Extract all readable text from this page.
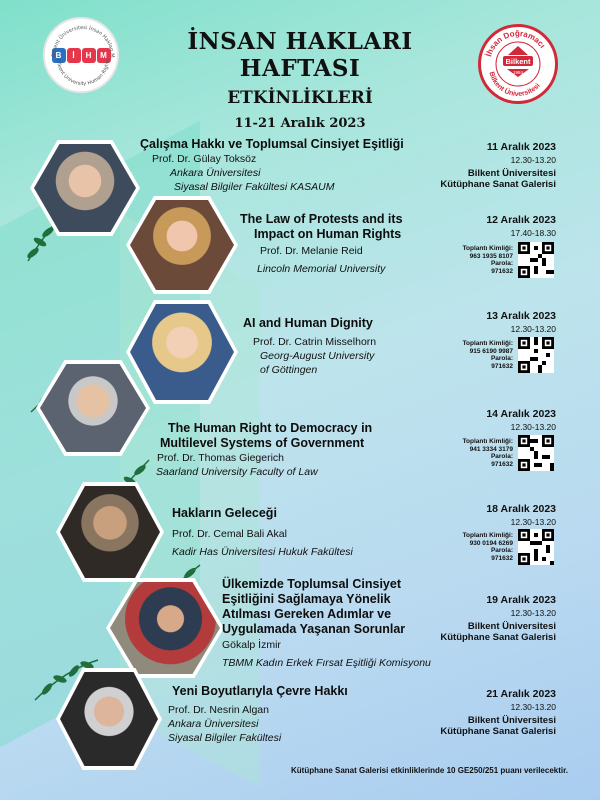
Bilkent Üniversitesi İnsan Hakları M
Bilkent University Human Rights
B	İ	H	M	İNSAN HAKLARI HAFTASI
ETKİNLİKLERİ
11-21 Aralık 2023
İhsan Doğramacı
Bilkent Üniversitesi
Bilkent
1984
Çalışma Hakkı ve Toplumsal Cinsiyet Eşitliği
Prof. Dr. Gülay Toksöz
Ankara Üniversitesi
Siyasal Bilgiler Fakültesi KASAUM
11 Aralık 2023
12.30-13.20
Bilkent Üniversitesi
Kütüphane Sanat Galerisi
The Law of Protests and its
Impact on Human Rights
Prof. Dr. Melanie Reid
Lincoln Memorial University
12 Aralık 2023
17.40-18.30
Toplantı Kimliği:
963 1935 8107
Parola:
971632
AI and Human Dignity
Prof. Dr. Catrin Misselhorn
Georg-August University
of Göttingen
13 Aralık 2023
12.30-13.20
Toplantı Kimliği:
915 6190 9987
Parola:
971632
The Human Right to Democracy in
Multilevel Systems of Government
Prof. Dr. Thomas Giegerich
Saarland University Faculty of Law
14 Aralık 2023
12.30-13.20
Toplantı Kimliği:
941 3334 3179
Parola:
971632
Hakların Geleceği
Prof. Dr. Cemal Bali Akal
Kadir Has Üniversitesi Hukuk Fakültesi
18 Aralık 2023
12.30-13.20
Toplantı Kimliği:
930 0194 6269
Parola:
971632
Ülkemizde Toplumsal Cinsiyet
Eşitliğini Sağlamaya Yönelik
Atılması Gereken Adımlar ve
Uygulamada Yaşanan Sorunlar
Gökalp İzmir
TBMM Kadın Erkek Fırsat Eşitliği Komisyonu
19 Aralık 2023
12.30-13.20
Bilkent Üniversitesi
Kütüphane Sanat Galerisi
Yeni Boyutlarıyla Çevre Hakkı
Prof. Dr. Nesrin Algan
Ankara Üniversitesi
Siyasal Bilgiler Fakültesi
21 Aralık 2023
12.30-13.20
Bilkent Üniversitesi
Kütüphane Sanat Galerisi
Kütüphane Sanat Galerisi etkinliklerinde 10 GE250/251 puanı verilecektir.
